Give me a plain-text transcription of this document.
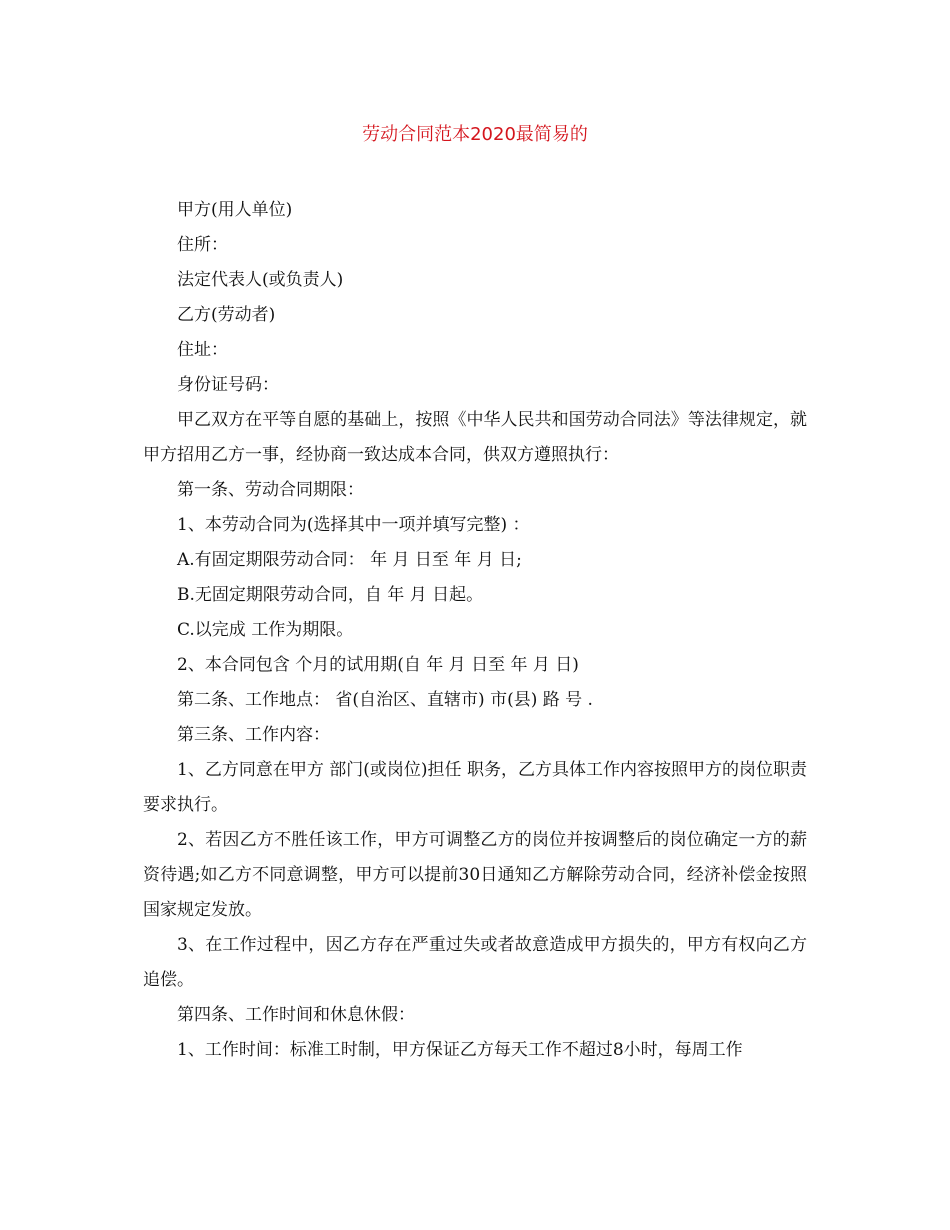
劳动合同范本2020最简易的

甲方(用人单位)

住所：

法定代表人(或负责人)

乙方(劳动者)

住址：

身份证号码：

甲乙双方在平等自愿的基础上，按照《中华人民共和国劳动合同法》等法律规定，就甲方招用乙方一事，经协商一致达成本合同，供双方遵照执行：

第一条、劳动合同期限：

1、本劳动合同为(选择其中一项并填写完整) ：

A.有固定期限劳动合同： 年 月 日至 年 月 日;

B.无固定期限劳动合同，自 年 月 日起。

C.以完成 工作为期限。

2、本合同包含 个月的试用期(自 年 月 日至 年 月 日)

第二条、工作地点： 省(自治区、直辖市) 市(县) 路 号 .

第三条、工作内容：

1、乙方同意在甲方 部门(或岗位)担任 职务，乙方具体工作内容按照甲方的岗位职责要求执行。

2、若因乙方不胜任该工作，甲方可调整乙方的岗位并按调整后的岗位确定一方的薪资待遇;如乙方不同意调整，甲方可以提前30日通知乙方解除劳动合同，经济补偿金按照国家规定发放。

3、在工作过程中，因乙方存在严重过失或者故意造成甲方损失的，甲方有权向乙方追偿。

第四条、工作时间和休息休假：

1、工作时间：标准工时制，甲方保证乙方每天工作不超过8小时，每周工作
